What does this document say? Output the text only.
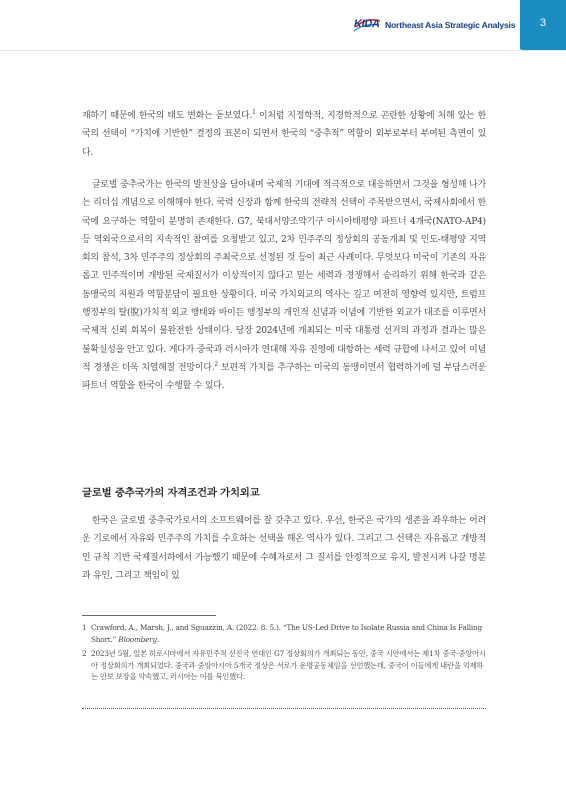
KIDA Northeast Asia Strategic Analysis	3
재하기 때문에 한국의 태도 변화는 돋보였다.$^1$ 이처럼 지정학적, 지경학적으로 곤란한 상황에 처해 있는 한국의 선택이 “가치에 기반한” 결정의 표본이 되면서 한국의 “중추적” 역할이 외부로부터 부여된 측면이 있다.
글로벌 중추국가는 한국의 발전상을 담아내며 국제적 기대에 적극적으로 대응하면서 그것을 형성해 나가는 리더십 개념으로 이해해야 한다. 국력 신장과 함께 한국의 전략적 선택이 주목받으면서, 국제사회에서 한국에 요구하는 역할이 분명히 존재한다. G7, 북대서양조약기구 아시아태평양 파트너 4개국(NATO-AP4) 등 역외국으로서의 지속적인 참여를 요청받고 있고, 2차 민주주의 정상회의 공동개최 및 인도-태평양 지역회의 참석, 3차 민주주의 정상회의 주최국으로 선정된 것 등이 최근 사례이다. 무엇보다 미국이 기존의 자유롭고 민주적이며 개방된 국제질서가 이상적이지 않다고 믿는 세력과 경쟁해서 승리하기 위해 한국과 같은 동맹국의 지원과 역할분담이 필요한 상황이다. 미국 가치외교의 역사는 깊고 여전히 영향력 있지만, 트럼프 행정부의 탈(脫)가치적 외교 행태와 바이든 행정부의 개인적 신념과 이념에 기반한 외교가 대조를 이루면서 국제적 신뢰 회복이 불완전한 상태이다. 당장 2024년에 개최되는 미국 대통령 선거의 과정과 결과는 많은 불확실성을 안고 있다. 게다가 중국과 러시아가 연대해 자유 진영에 대항하는 세력 규합에 나서고 있어 이념적 경쟁은 더욱 치열해질 전망이다.$^2$ 보편적 가치를 추구하는 미국의 동맹이면서 협력하기에 덜 부담스러운 파트너 역할을 한국이 수행할 수 있다.
글로벌 중추국가의 자격조건과 가치외교
한국은 글로벌 중추국가로서의 소프트웨어를 잘 갖추고 있다. 우선, 한국은 국가의 생존을 좌우하는 어려운 기로에서 자유와 민주주의 가치를 수호하는 선택을 해온 역사가 있다. 그리고 그 선택은 자유롭고 개방적인 규칙 기반 국제질서하에서 가능했기 때문에 수혜자로서 그 질서를 안정적으로 유지, 발전시켜 나갈 명분과 유인, 그리고 책임이 있
1 Crawford, A., Marsh, J., and Sguazzin, A. (2022. 8. 5.). “The US-Led Drive to Isolate Russia and China Is Falling Short.” Bloomberg.
2 2023년 5월, 일본 히로시마에서 자유민주적 선진국 연대인 G7 정상회의가 개최되는 동안, 중국 시안에서는 제1차 중국-중앙아시아 정상회의가 개최되었다. 중국과 중앙아시아 5개국 정상은 서로가 운명공동체임을 선언했는데, 중국이 이들에게 내란을 억제하는 안보 보장을 약속했고, 러시아는 이를 묵인했다.
